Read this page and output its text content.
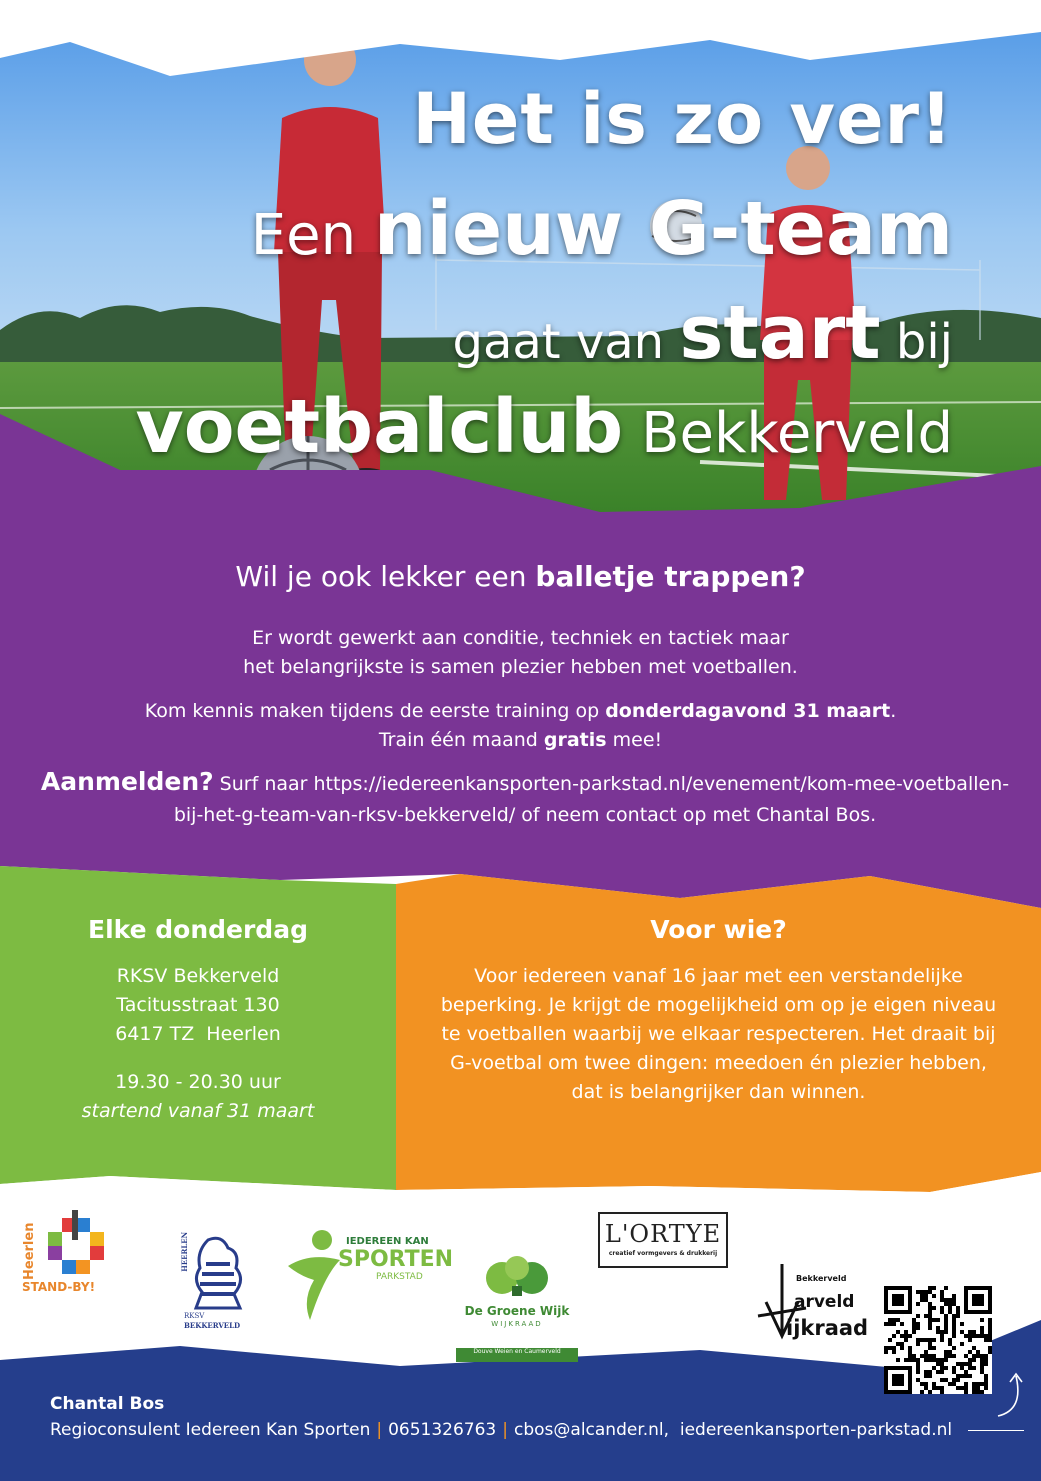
Het is zo ver!
Een nieuw G-team
gaat van start bij
voetbalclub Bekkerveld
Wil je ook lekker een balletje trappen?
Er wordt gewerkt aan conditie, techniek en tactiek maar
het belangrijkste is samen plezier hebben met voetballen.
Kom kennis maken tijdens de eerste training op donderdagavond 31 maart.
Train één maand gratis mee!
Aanmelden? Surf naar https://iedereenkansporten-parkstad.nl/evenement/kom-mee-voetballen-
bij-het-g-team-van-rksv-bekkerveld/ of neem contact op met Chantal Bos.
Elke donderdag
RKSV Bekkerveld
Tacitusstraat 130
6417 TZ  Heerlen
19.30 - 20.30 uur
startend vanaf 31 maart
Voor wie?
Voor iedereen vanaf 16 jaar met een verstandelijke
beperking. Je krijgt de mogelijkheid om op je eigen niveau
te voetballen waarbij we elkaar respecteren. Het draait bij
G-voetbal om twee dingen: meedoen én plezier hebben,
dat is belangrijker dan winnen.
Heerlen
STAND-BY!
HEERLEN
RKSV
BEKKERVELD
IEDEREEN KAN
SPORTEN
PARKSTAD
De Groene Wijk
WIJKRAAD
Douve Weien en Caumerveld
L'ORTYE
creatief vormgevers & drukkerij
Bekkerveld
arveld
ijkraad
Chantal Bos
Regioconsulent Iedereen Kan Sporten | 0651326763 | cbos@alcander.nl, iedereenkansporten-parkstad.nl
